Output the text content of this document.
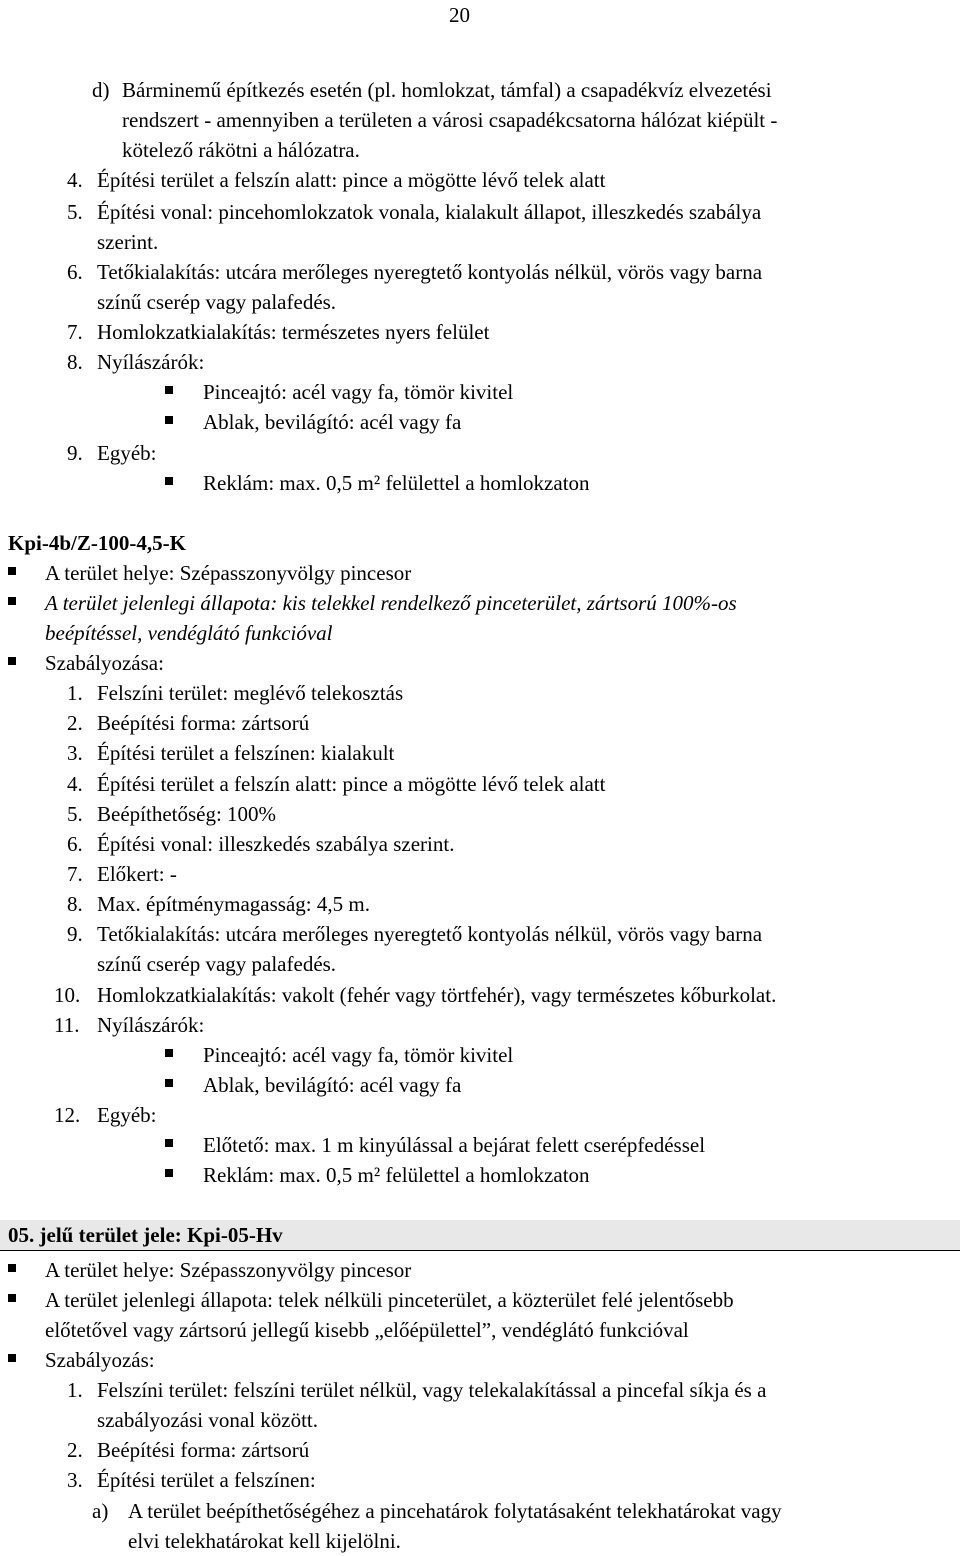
20
d) Bárminemű építkezés esetén (pl. homlokzat, támfal) a csapadékvíz elvezetési
rendszert - amennyiben a területen a városi csapadékcsatorna hálózat kiépült -
kötelező rákötni a hálózatra.
4. Építési terület a felszín alatt: pince a mögötte lévő telek alatt
5. Építési vonal: pincehomlokzatok vonala, kialakult állapot, illeszkedés szabálya
szerint.
6. Tetőkialakítás: utcára merőleges nyeregtető kontyolás nélkül, vörös vagy barna
színű cserép vagy palafedés.
7. Homlokzatkialakítás: természetes nyers felület
8. Nyílászárók:
Pinceajtó: acél vagy fa, tömör kivitel
Ablak, bevilágító: acél vagy fa
9. Egyéb:
Reklám: max. 0,5 m² felülettel a homlokzaton
Kpi-4b/Z-100-4,5-K
A terület helye: Szépasszonyvölgy pincesor
A terület jelenlegi állapota: kis telekkel rendelkező pinceterület, zártsorú 100%-os
beépítéssel, vendéglátó funkcióval
Szabályozása:
1. Felszíni terület: meglévő telekosztás
2. Beépítési forma: zártsorú
3. Építési terület a felszínen: kialakult
4. Építési terület a felszín alatt: pince a mögötte lévő telek alatt
5. Beépíthetőség: 100%
6. Építési vonal: illeszkedés szabálya szerint.
7. Előkert: -
8. Max. építménymagasság: 4,5 m.
9. Tetőkialakítás: utcára merőleges nyeregtető kontyolás nélkül, vörös vagy barna
színű cserép vagy palafedés.
10. Homlokzatkialakítás: vakolt (fehér vagy törtfehér), vagy természetes kőburkolat.
11. Nyílászárók:
Pinceajtó: acél vagy fa, tömör kivitel
Ablak, bevilágító: acél vagy fa
12. Egyéb:
Előtető: max. 1 m kinyúlással a bejárat felett cserépfedéssel
Reklám: max. 0,5 m² felülettel a homlokzaton
05. jelű terület jele: Kpi-05-Hv
A terület helye: Szépasszonyvölgy pincesor
A terület jelenlegi állapota: telek nélküli pinceterület, a közterület felé jelentősebb
előtetővel vagy zártsorú jellegű kisebb „előépülettel”, vendéglátó funkcióval
Szabályozás:
1. Felszíni terület: felszíni terület nélkül, vagy telekalakítással a pincefal síkja és a
szabályozási vonal között.
2. Beépítési forma: zártsorú
3. Építési terület a felszínen:
a) A terület beépíthetőségéhez a pincehatárok folytatásaként telekhatárokat vagy
elvi telekhatárokat kell kijelölni.
